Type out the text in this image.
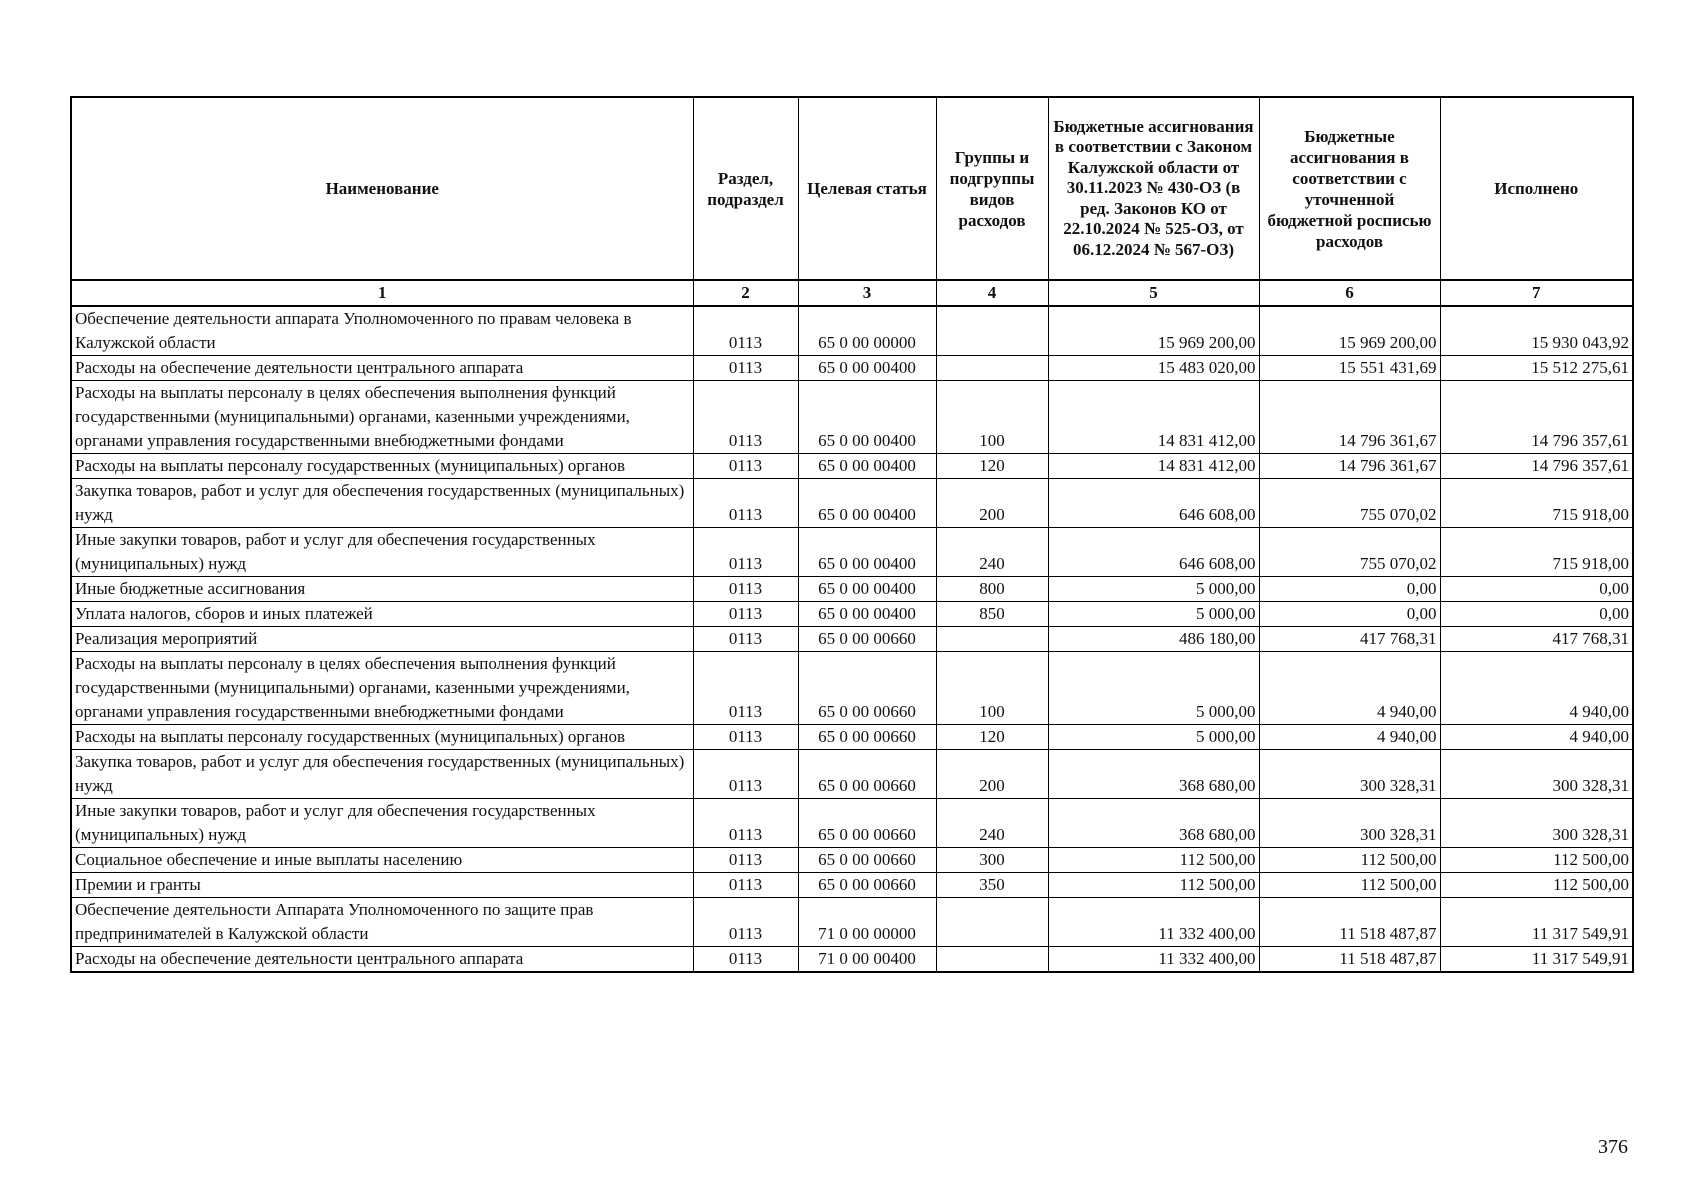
Наименование	Раздел, подраздел	Целевая статья	Группы и подгруппы видов расходов	Бюджетные ассигнования в соответствии с Законом Калужской области от 30.11.2023 № 430-ОЗ (в ред. Законов КО от 22.10.2024 № 525-ОЗ, от 06.12.2024 № 567-ОЗ)	Бюджетные ассигнования в соответствии с уточненной бюджетной росписью расходов	Исполнено
1	2	3	4	5	6	7
Обеспечение деятельности аппарата Уполномоченного по правам человека в Калужской области	0113	65 0 00 00000		15 969 200,00	15 969 200,00	15 930 043,92
Расходы на обеспечение деятельности центрального аппарата	0113	65 0 00 00400		15 483 020,00	15 551 431,69	15 512 275,61
Расходы на выплаты персоналу в целях обеспечения выполнения функций государственными (муниципальными) органами, казенными учреждениями, органами управления государственными внебюджетными фондами	0113	65 0 00 00400	100	14 831 412,00	14 796 361,67	14 796 357,61
Расходы на выплаты персоналу государственных (муниципальных) органов	0113	65 0 00 00400	120	14 831 412,00	14 796 361,67	14 796 357,61
Закупка товаров, работ и услуг для обеспечения государственных (муниципальных) нужд	0113	65 0 00 00400	200	646 608,00	755 070,02	715 918,00
Иные закупки товаров, работ и услуг для обеспечения государственных (муниципальных) нужд	0113	65 0 00 00400	240	646 608,00	755 070,02	715 918,00
Иные бюджетные ассигнования	0113	65 0 00 00400	800	5 000,00	0,00	0,00
Уплата налогов, сборов и иных платежей	0113	65 0 00 00400	850	5 000,00	0,00	0,00
Реализация мероприятий	0113	65 0 00 00660		486 180,00	417 768,31	417 768,31
Расходы на выплаты персоналу в целях обеспечения выполнения функций государственными (муниципальными) органами, казенными учреждениями, органами управления государственными внебюджетными фондами	0113	65 0 00 00660	100	5 000,00	4 940,00	4 940,00
Расходы на выплаты персоналу государственных (муниципальных) органов	0113	65 0 00 00660	120	5 000,00	4 940,00	4 940,00
Закупка товаров, работ и услуг для обеспечения государственных (муниципальных) нужд	0113	65 0 00 00660	200	368 680,00	300 328,31	300 328,31
Иные закупки товаров, работ и услуг для обеспечения государственных (муниципальных) нужд	0113	65 0 00 00660	240	368 680,00	300 328,31	300 328,31
Социальное обеспечение и иные выплаты населению	0113	65 0 00 00660	300	112 500,00	112 500,00	112 500,00
Премии и гранты	0113	65 0 00 00660	350	112 500,00	112 500,00	112 500,00
Обеспечение деятельности Аппарата Уполномоченного по защите прав предпринимателей в Калужской области	0113	71 0 00 00000		11 332 400,00	11 518 487,87	11 317 549,91
Расходы на обеспечение деятельности центрального аппарата	0113	71 0 00 00400		11 332 400,00	11 518 487,87	11 317 549,91
376
